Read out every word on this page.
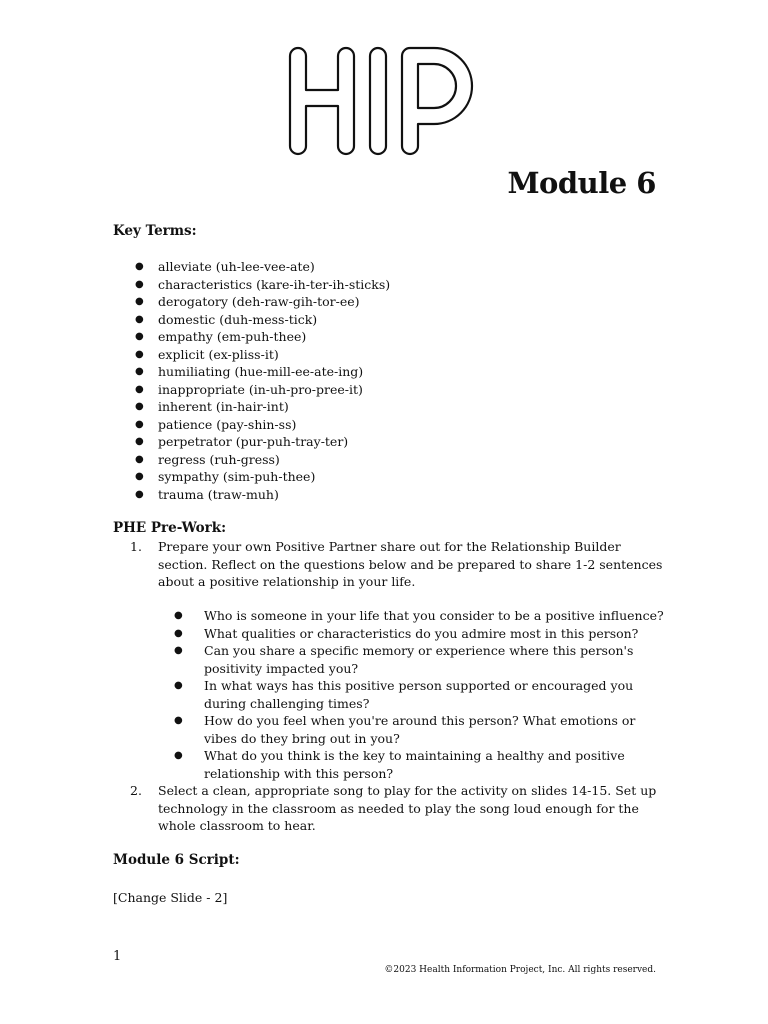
Module 6
Key Terms:
● alleviate (uh-lee-vee-ate)
● characteristics (kare-ih-ter-ih-sticks)
● derogatory (deh-raw-gih-tor-ee)
● domestic (duh-mess-tick)
● empathy (em-puh-thee)
● explicit (ex-pliss-it)
● humiliating (hue-mill-ee-ate-ing)
● inappropriate (in-uh-pro-pree-it)
● inherent (in-hair-int)
● patience (pay-shin-ss)
● perpetrator (pur-puh-tray-ter)
● regress (ruh-gress)
● sympathy (sim-puh-thee)
● trauma (traw-muh)
PHE Pre-Work:
1. Prepare your own Positive Partner share out for the Relationship Builder section. Reflect on the questions below and be prepared to share 1-2 sentences about a positive relationship in your life.
● Who is someone in your life that you consider to be a positive influence?
● What qualities or characteristics do you admire most in this person?
● Can you share a specific memory or experience where this person's positivity impacted you?
● In what ways has this positive person supported or encouraged you during challenging times?
● How do you feel when you're around this person? What emotions or vibes do they bring out in you?
● What do you think is the key to maintaining a healthy and positive relationship with this person?
2. Select a clean, appropriate song to play for the activity on slides 14-15. Set up technology in the classroom as needed to play the song loud enough for the whole classroom to hear.
Module 6 Script:
[Change Slide - 2]
1
©2023 Health Information Project, Inc. All rights reserved.
